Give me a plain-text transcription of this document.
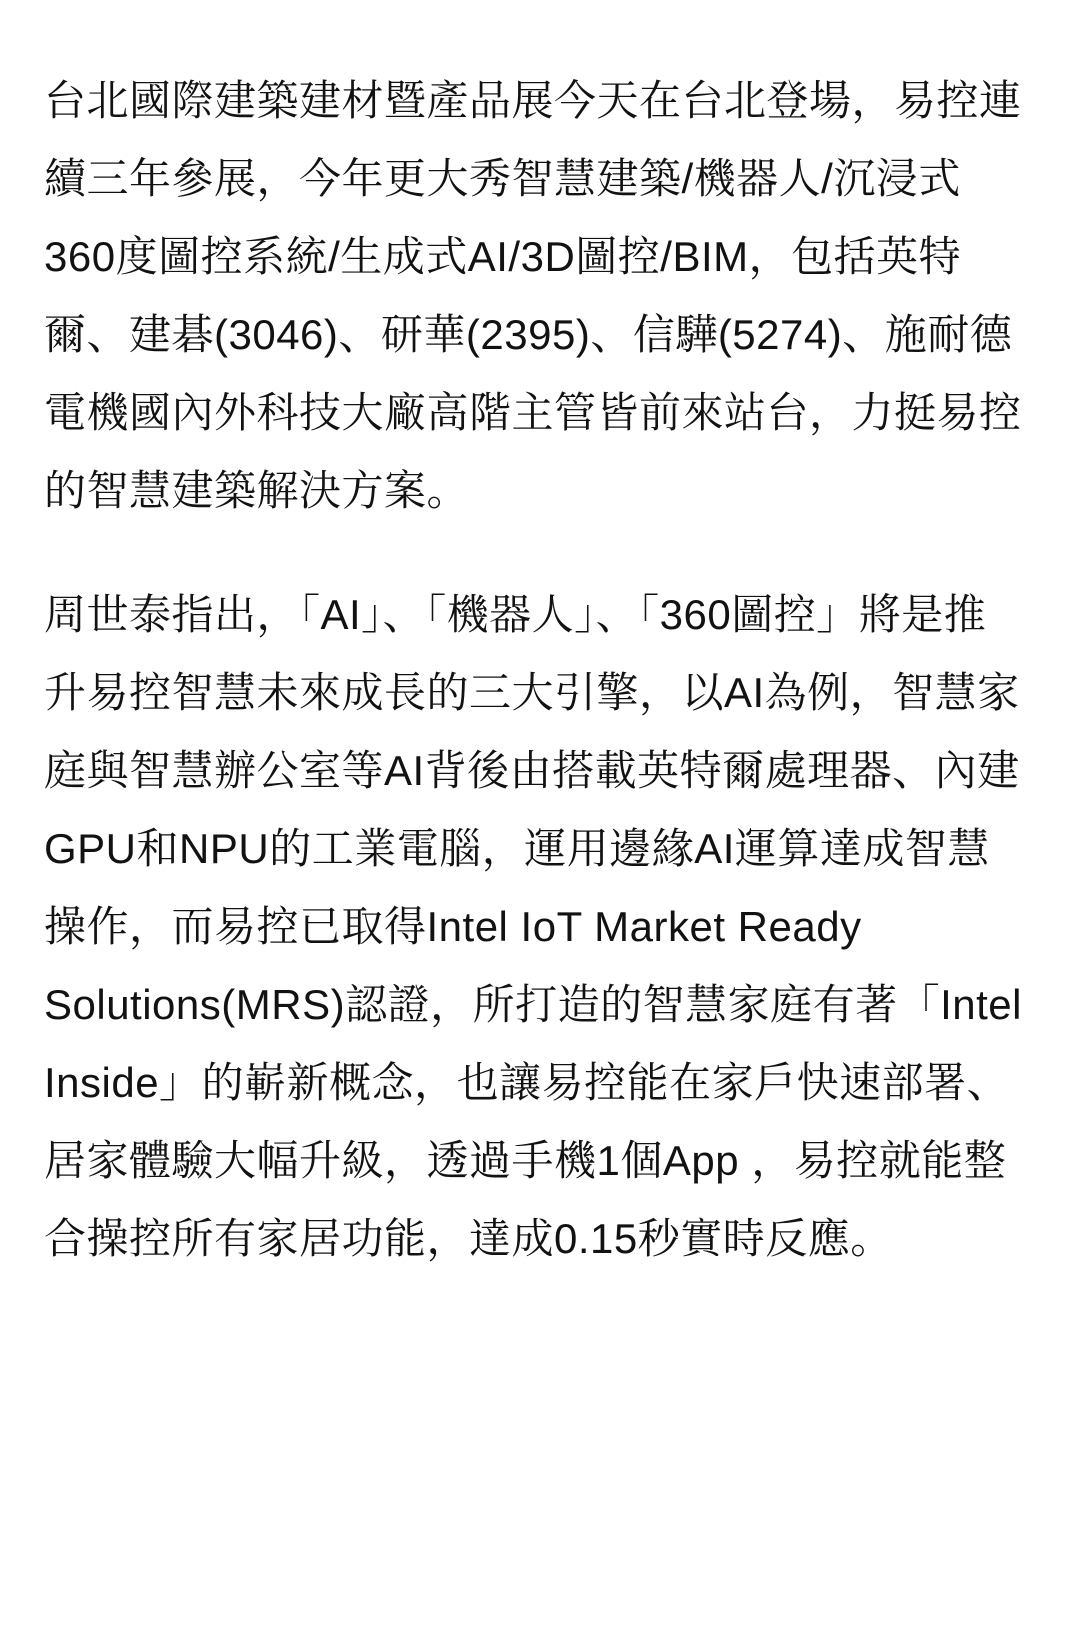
台北國際建築建材暨產品展今天在台北登場，易控連續三年參展，今年更大秀智慧建築/機器人/沉浸式360度圖控系統/生成式AI/3D圖控/BIM，包括英特爾、建碁(3046)、研華(2395)、信驊(5274)、施耐德電機國內外科技大廠高階主管皆前來站台，力挺易控的智慧建築解決方案。

周世泰指出，「AI」、「機器人」、「360圖控」將是推升易控智慧未來成長的三大引擎，以AI為例，智慧家庭與智慧辦公室等AI背後由搭載英特爾處理器、內建GPU和NPU的工業電腦，運用邊緣AI運算達成智慧操作，而易控已取得Intel IoT Market Ready Solutions(MRS)認證，所打造的智慧家庭有著「Intel Inside」的嶄新概念，也讓易控能在家戶快速部署、居家體驗大幅升級，透過手機1個App ，易控就能整合操控所有家居功能，達成0.15秒實時反應。
